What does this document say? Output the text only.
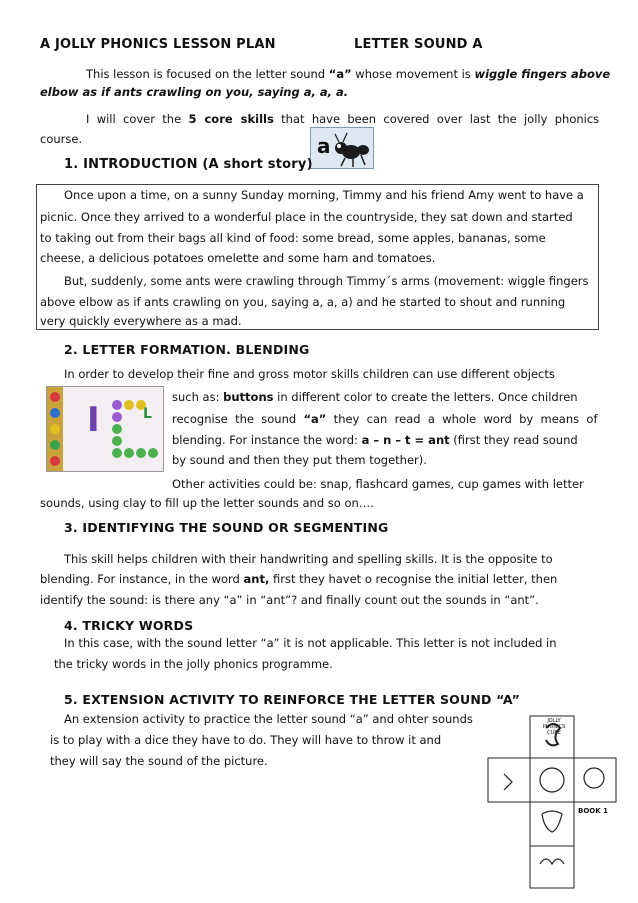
A JOLLY PHONICS LESSON PLAN	LETTER SOUND A
This lesson is focused on the letter sound “a” whose movement is wiggle fingers above
elbow as if ants crawling on you, saying a, a, a.
I  will  cover  the  5  core  skills  that  have  been  covered  over  last  the  jolly  phonics
course.	a
1. INTRODUCTION (A short story)
Once upon a time, on a sunny Sunday morning, Timmy and his friend Amy went to have a
picnic. Once they arrived to a wonderful place in the countryside, they sat down and started
to taking out from their bags all kind of food: some bread, some apples, bananas, some
cheese, a delicious potatoes omelette and some ham and tomatoes.
But, suddenly, some ants were crawling through Timmy´s arms (movement: wiggle fingers
above elbow as if ants crawling on you, saying a, a, a) and he started to shout and running
very quickly everywhere as a mad.
2. LETTER FORMATION. BLENDING
In order to develop their fine and gross motor skills children can use different objects
I	L
such as: buttons in different color to create the letters. Once children
recognise  the  sound  “a”  they  can  read  a  whole  word  by  means  of
blending. For instance the word: a – n – t = ant (first they read sound
by sound and then they put them together).
Other activities could be: snap, flashcard games, cup games with letter
sounds, using clay to fill up the letter sounds and so on….
3. IDENTIFYING THE SOUND OR SEGMENTING
This skill helps children with their handwriting and spelling skills. It is the opposite to
blending. For instance, in the word ant, first they havet o recognise the initial letter, then
identify the sound: is there any “a” in “ant”? and finally count out the sounds in “ant”.
4. TRICKY WORDS
In this case, with the sound letter “a” it is not applicable. This letter is not included in
the tricky words in the jolly phonics programme.
5. EXTENSION ACTIVITY TO REINFORCE THE LETTER SOUND “A”
An extension activity to practice the letter sound “a” and ohter sounds
is to play with a dice they have to do. They will have to throw it and
they will say the sound of the picture.
JOLLY PHONICS CUBE
BOOK 1
